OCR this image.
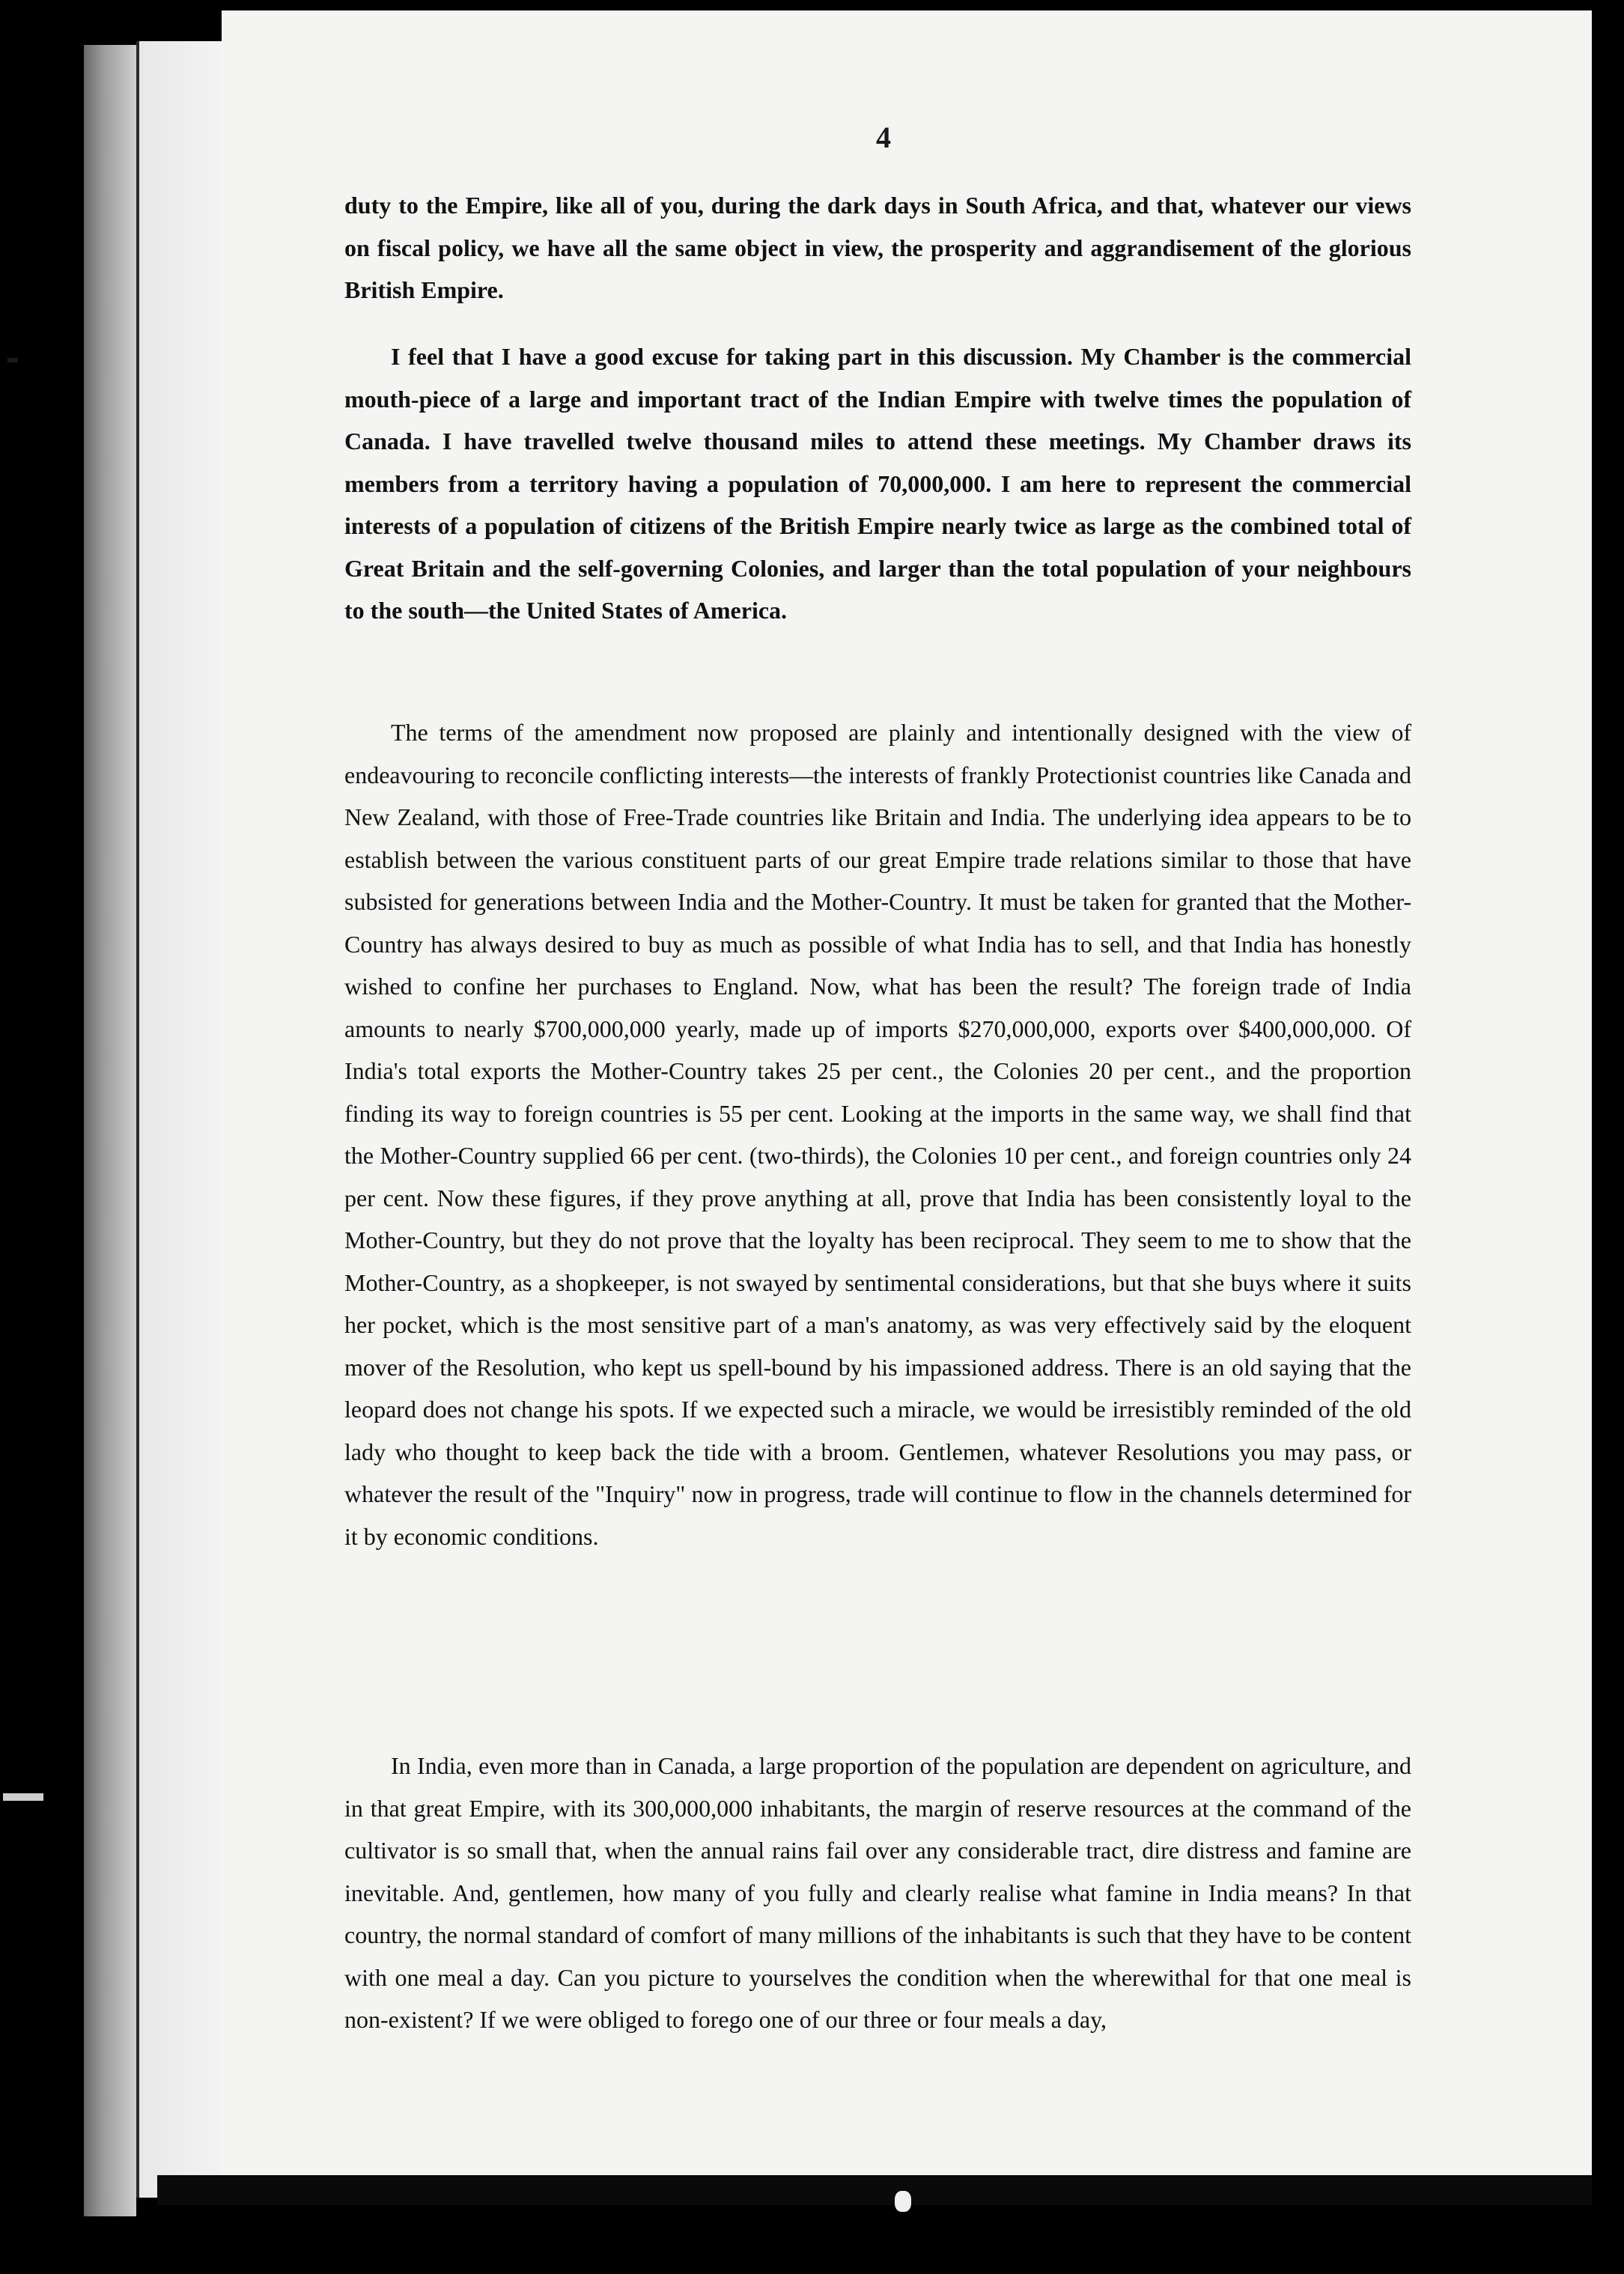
4

duty to the Empire, like all of you, during the dark days in South Africa, and that, whatever our views on fiscal policy, we have all the same object in view, the prosperity and aggrandisement of the glorious British Empire.

I feel that I have a good excuse for taking part in this discussion. My Chamber is the commercial mouth-piece of a large and important tract of the Indian Empire with twelve times the population of Canada. I have travelled twelve thousand miles to attend these meetings. My Chamber draws its members from a territory having a population of 70,000,000. I am here to represent the commercial interests of a population of citizens of the British Empire nearly twice as large as the combined total of Great Britain and the self-governing Colonies, and larger than the total population of your neighbours to the south—the United States of America.

The terms of the amendment now proposed are plainly and intentionally designed with the view of endeavouring to reconcile conflicting interests—the interests of frankly Protectionist countries like Canada and New Zealand, with those of Free-Trade countries like Britain and India. The underlying idea appears to be to establish between the various constituent parts of our great Empire trade relations similar to those that have subsisted for generations between India and the Mother-Country. It must be taken for granted that the Mother-Country has always desired to buy as much as possible of what India has to sell, and that India has honestly wished to confine her purchases to England. Now, what has been the result? The foreign trade of India amounts to nearly $700,000,000 yearly, made up of imports $270,000,000, exports over $400,000,000. Of India's total exports the Mother-Country takes 25 per cent., the Colonies 20 per cent., and the proportion finding its way to foreign countries is 55 per cent. Looking at the imports in the same way, we shall find that the Mother-Country supplied 66 per cent. (two-thirds), the Colonies 10 per cent., and foreign countries only 24 per cent. Now these figures, if they prove anything at all, prove that India has been consistently loyal to the Mother-Country, but they do not prove that the loyalty has been reciprocal. They seem to me to show that the Mother-Country, as a shopkeeper, is not swayed by sentimental considerations, but that she buys where it suits her pocket, which is the most sensitive part of a man's anatomy, as was very effectively said by the eloquent mover of the Resolution, who kept us spell-bound by his impassioned address. There is an old saying that the leopard does not change his spots. If we expected such a miracle, we would be irresistibly reminded of the old lady who thought to keep back the tide with a broom. Gentlemen, whatever Resolutions you may pass, or whatever the result of the "Inquiry" now in progress, trade will continue to flow in the channels determined for it by economic conditions.

In India, even more than in Canada, a large proportion of the population are dependent on agriculture, and in that great Empire, with its 300,000,000 inhabitants, the margin of reserve resources at the command of the cultivator is so small that, when the annual rains fail over any considerable tract, dire distress and famine are inevitable. And, gentlemen, how many of you fully and clearly realise what famine in India means? In that country, the normal standard of comfort of many millions of the inhabitants is such that they have to be content with one meal a day. Can you picture to yourselves the condition when the wherewithal for that one meal is non-existent? If we were obliged to forego one of our three or four meals a day,
